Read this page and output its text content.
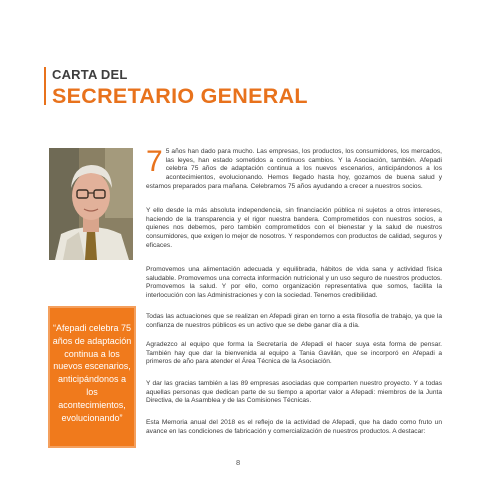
CARTA DEL
SECRETARIO GENERAL
“Afepadi celebra 75 años de adaptación continua a los nuevos escenarios, anticipándonos a los acontecimientos, evolucionando”

7 5 años han dado para mucho. Las empresas, los productos, los consumidores, los mercados, las leyes, han estado sometidos a continuos cambios. Y la Asociación, también. Afepadi celebra 75 años de adaptación continua a los nuevos escenarios, anticipándonos a los acontecimientos, evolucionando. Hemos llegado hasta hoy, gozamos de buena salud y estamos preparados para mañana. Celebramos 75 años ayudando a crecer a nuestros socios.

Y ello desde la más absoluta independencia, sin financiación pública ni sujetos a otros intereses, haciendo de la transparencia y el rigor nuestra bandera. Comprometidos con nuestros socios, a quienes nos debemos, pero también comprometidos con el bienestar y la salud de nuestros consumidores, que exigen lo mejor de nosotros. Y respondemos con productos de calidad, seguros y eficaces.

Promovemos una alimentación adecuada y equilibrada, hábitos de vida sana y actividad física saludable. Promovemos una correcta información nutricional y un uso seguro de nuestros productos. Promovemos la salud. Y por ello, como organización representativa que somos, facilita la interlocución con las Administraciones y con la sociedad. Tenemos credibilidad.

Todas las actuaciones que se realizan en Afepadi giran en torno a esta filosofía de trabajo, ya que la confianza de nuestros públicos es un activo que se debe ganar día a día.

Agradezco al equipo que forma la Secretaría de Afepadi el hacer suya esta forma de pensar. También hay que dar la bienvenida al equipo a Tania Gavilán, que se incorporó en Afepadi a primeros de año para atender el Área Técnica de la Asociación.

Y dar las gracias también a las 89 empresas asociadas que comparten nuestro proyecto. Y a todas aquellas personas que dedican parte de su tiempo a aportar valor a Afepadi: miembros de la Junta Directiva, de la Asamblea y de las Comisiones Técnicas.

Esta Memoria anual del 2018 es el reflejo de la actividad de Afepadi, que ha dado como fruto un avance en las condiciones de fabricación y comercialización de nuestros productos. A destacar:

8
